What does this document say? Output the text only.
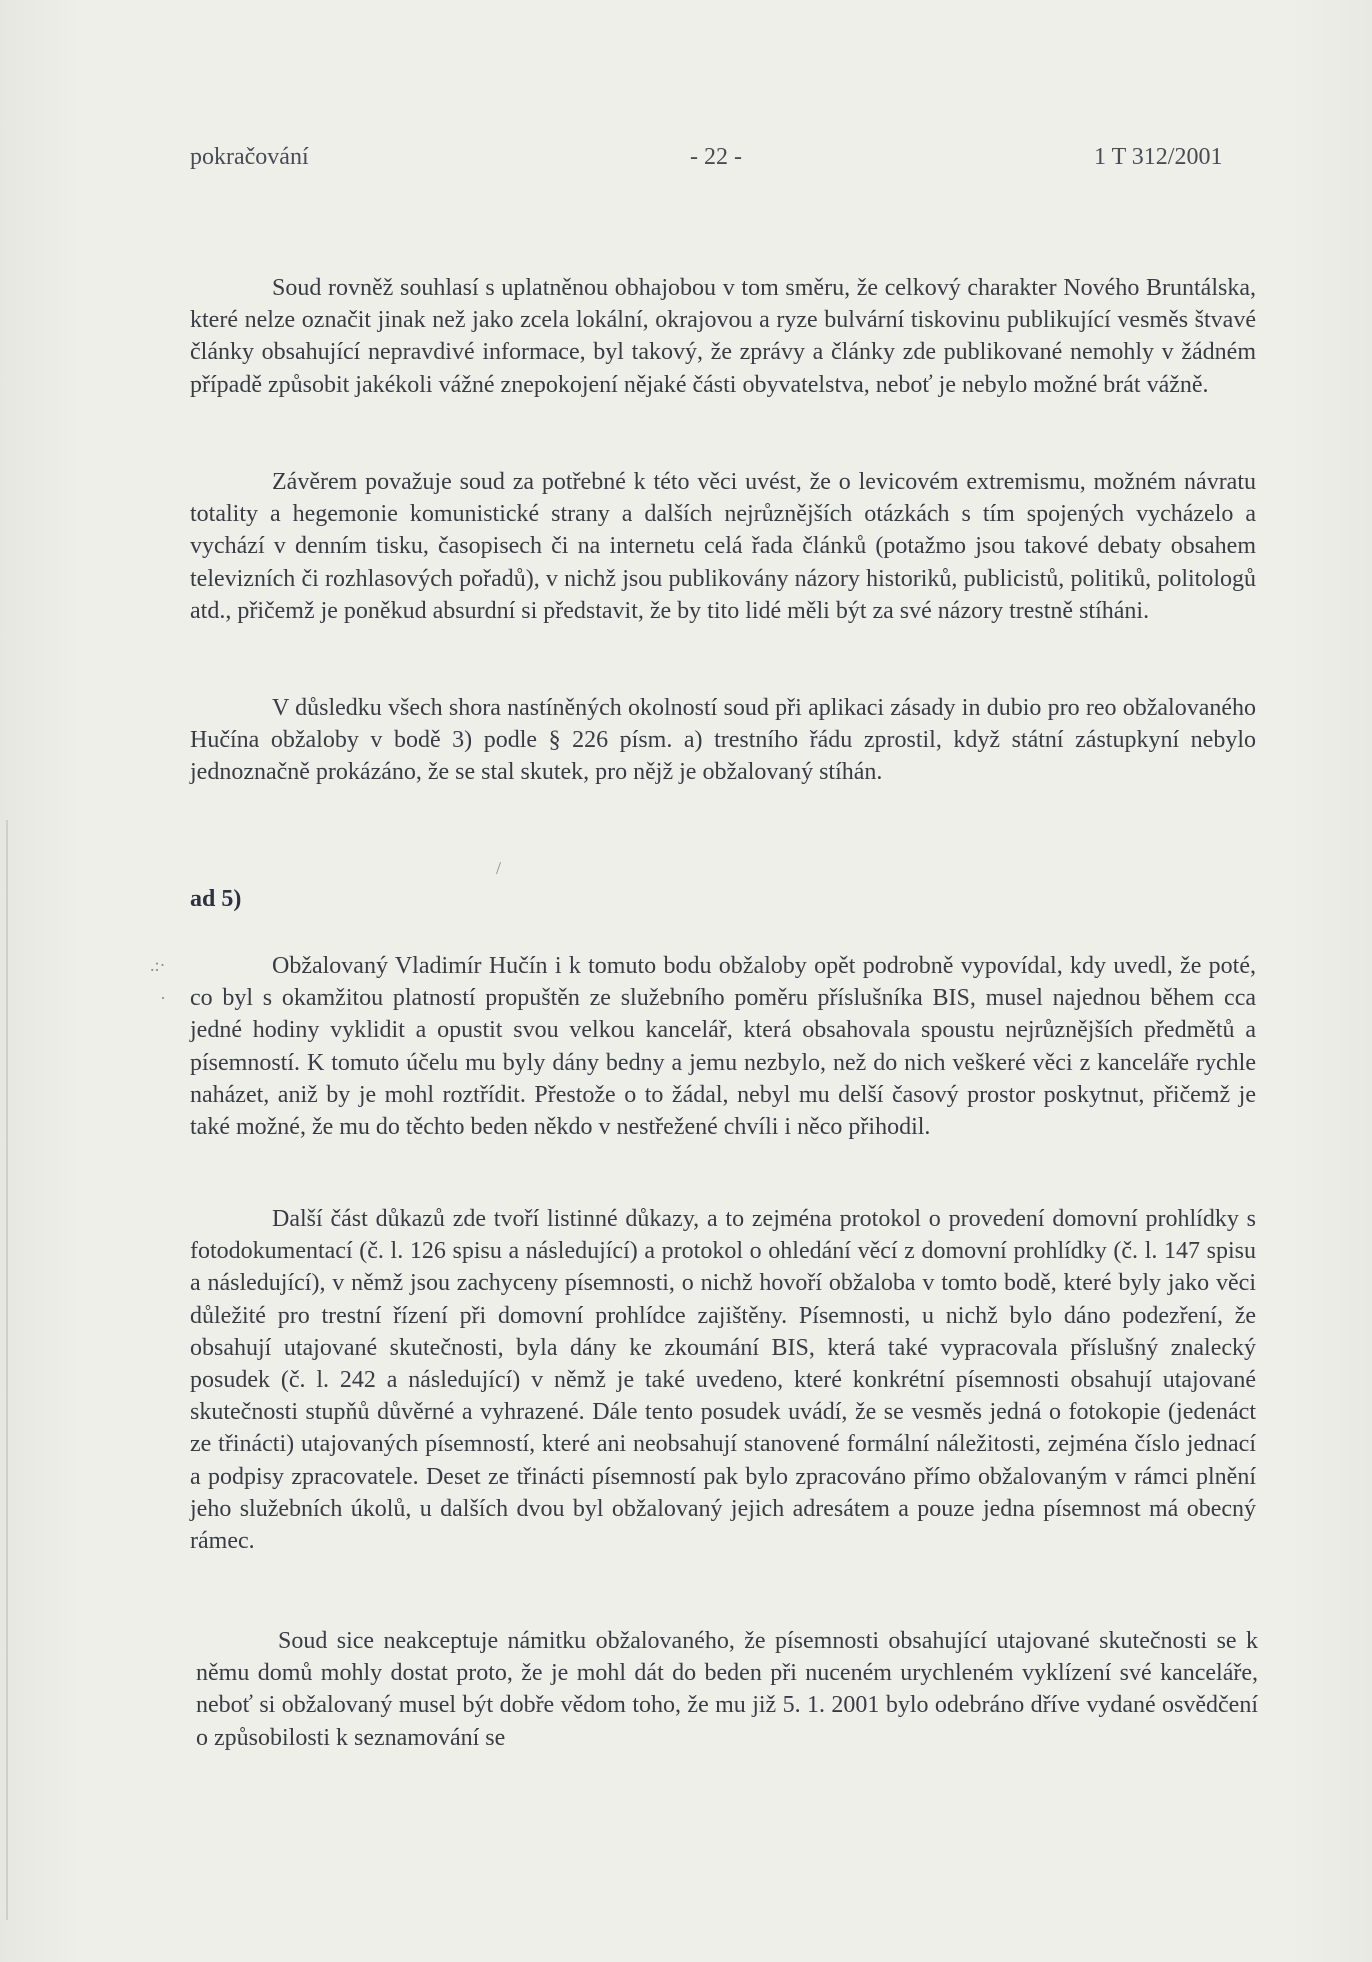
pokračování	- 22 -	1 T 312/2001

Soud rovněž souhlasí s uplatněnou obhajobou v tom směru, že celkový charakter Nového Bruntálska, které nelze označit jinak než jako zcela lokální, okrajovou a ryze bulvární tiskovinu publikující vesměs štvavé články obsahující nepravdivé informace, byl takový, že zprávy a články zde publikované nemohly v žádném případě způsobit jakékoli vážné znepokojení nějaké části obyvatelstva, neboť je nebylo možné brát vážně.

Závěrem považuje soud za potřebné k této věci uvést, že o levicovém extremismu, možném návratu totality a hegemonie komunistické strany a dalších nejrůznějších otázkách s tím spojených vycházelo a vychází v denním tisku, časopisech či na internetu celá řada článků (potažmo jsou takové debaty obsahem televizních či rozhlasových pořadů), v nichž jsou publikovány názory historiků, publicistů, politiků, politologů atd., přičemž je poněkud absurdní si představit, že by tito lidé měli být za své názory trestně stíháni.

V důsledku všech shora nastíněných okolností soud při aplikaci zásady in dubio pro reo obžalovaného Hučína obžaloby v bodě 3) podle § 226 písm. a) trestního řádu zprostil, když státní zástupkyní nebylo jednoznačně prokázáno, že se stal skutek, pro nějž je obžalovaný stíhán.

ad 5)
.:·
·
/

Obžalovaný Vladimír Hučín i k tomuto bodu obžaloby opět podrobně vypovídal, kdy uvedl, že poté, co byl s okamžitou platností propuštěn ze služebního poměru příslušníka BIS, musel najednou během cca jedné hodiny vyklidit a opustit svou velkou kancelář, která obsahovala spoustu nejrůznějších předmětů a písemností. K tomuto účelu mu byly dány bedny a jemu nezbylo, než do nich veškeré věci z kanceláře rychle naházet, aniž by je mohl roztřídit. Přestože o to žádal, nebyl mu delší časový prostor poskytnut, přičemž je také možné, že mu do těchto beden někdo v nestřežené chvíli i něco přihodil.

Další část důkazů zde tvoří listinné důkazy, a to zejména protokol o provedení domovní prohlídky s fotodokumentací (č. l. 126 spisu a následující) a protokol o ohledání věcí z domovní prohlídky (č. l. 147 spisu a následující), v němž jsou zachyceny písemnosti, o nichž hovoří obžaloba v tomto bodě, které byly jako věci důležité pro trestní řízení při domovní prohlídce zajištěny. Písemnosti, u nichž bylo dáno podezření, že obsahují utajované skutečnosti, byla dány ke zkoumání BIS, která také vypracovala příslušný znalecký posudek (č. l. 242 a následující) v němž je také uvedeno, které konkrétní písemnosti obsahují utajované skutečnosti stupňů důvěrné a vyhrazené. Dále tento posudek uvádí, že se vesměs jedná o fotokopie (jedenáct ze třinácti) utajovaných písemností, které ani neobsahují stanovené formální náležitosti, zejména číslo jednací a podpisy zpracovatele. Deset ze třinácti písemností pak bylo zpracováno přímo obžalovaným v rámci plnění jeho služebních úkolů, u dalších dvou byl obžalovaný jejich adresátem a pouze jedna písemnost má obecný rámec.

Soud sice neakceptuje námitku obžalovaného, že písemnosti obsahující utajované skutečnosti se k němu domů mohly dostat proto, že je mohl dát do beden při nuceném urychleném vyklízení své kanceláře, neboť si obžalovaný musel být dobře vědom toho, že mu již 5. 1. 2001 bylo odebráno dříve vydané osvědčení o způsobilosti k seznamování se
